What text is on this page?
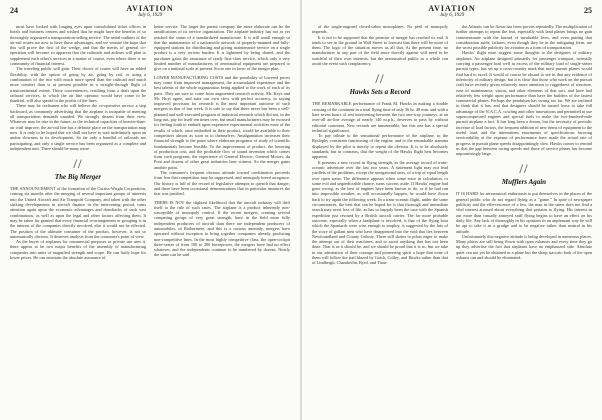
24	AVIATION
July 6, 1929

most have looked with longing eyes upon consolidated ticket offices in hotels and business centers and wished that he might have the benefits of so thoroughly organized a transportation-selling service. The aerial outlines of the air-rail routes are now to have those advantages, and we venture the hope that this will prove the first of the wedge, and that the merits of general co-operation will become so apparent that the railroads and airlines will plan to supplement each other's services in a matter of course, even where there is no community of financial interest.

The traveling public will gain. Their choice of routes will have an added flexibility, with the option of going by air, going by rail, or using a combination of the two with much more speed than the railroad and much more comfort than is at present possible in a straight-through flight of transcontinental extent. Those conveniences, resulting from a draft upon the railroad services, to which the air line operator would have come to be thankful, will also spread to the profits of the lines.

There may be craftsmen who will believe the co-operative service a step backward, as commonly advertising that the airplane is incapable of meeting all transportation demands unaided. We strongly dissent from their view. Whatever may be true in the future, as the technical capacities of heavier-than-air craft improve, the air-rail line has a definite place on the transportation map now. It is only to be hoped that we shall not have to wait indefinitely upon an undue slowness in its development. So far only a handful of railroads are participating, and only a single service has been organized as a complete and independent unit. There should be many more.

//
The Big Merger

THE ANNOUNCEMENT of the formation of the Curtiss-Wright Corporation, coming six months after the merging of several important groups of interests into the United Aircraft and Air Transport Company, and taken with the other striking developments in aircraft finance in the intervening period, turns attention again upon the economic advantages and drawbacks of such vast combinations, as well as upon the legal and other factors affecting them. It may be taken for granted that every financial re-arrangement or grouping is in the interest of the companies directly involved, else it would not be effected. The position of the ultimate consumer of the product, however, is not so automatically obvious. It deserves analysis from the consumer's point of view.

As the buyer of airplanes for commercial purposes or private use sees it, there appear to be two major benefits of the assembly of manufacturing companies into units of magnified strength and scope. He can fairly hope for lower prices. He can entertain the absolute assurance of

better service. The larger the parent company the more elaborate can be the ramifications of its service organization. The airplane industry has not as yet reached the status of a standardized manufacture. It is still small enough so that the maintenance of a nationwide network of properly-manned and fully-equipped stations for distributing and giving maintenance service on a single product is a very serious burden. It is lightened by being shared, and the purchaser gains the assurance of ready first-class service, which only a very limited number of manufacturers of aeronautical equipment are prepared to give on a national scale at present. Score one in favor of the merger plan.

LOWER MANUFACTURING COSTS and the possibility of lowered prices may come from improved management, the accumulated experience and the best talents of the whole organization being applied to the work of each of its parts. They are sure to come from augmented research activity. Mr. Keys and Mr. Hoyt agree, and state our own view with perfect accuracy, in saying improved provision for research is the most important outcome of such mergers as that of last week. It is safe to say that there never has been a well-planned and well-executed program of industrial research which did not, in the long run, pay for itself ten times over, but small manufacturers may be excused for feeling loath to embark upon expensive experimental activities most of the results of which, once embodied in their product, would be available to their competitors almost as soon as to themselves. Amalgamation increases their financial strength to the point where elaborate programs of study of scientific fundamentals become feasible. To the improvement of product, the lowering of production cost, and the profitable flow of sound invention which comes from such programs, the experience of General Electric, General Motors, du Pont and dozens of other great industries bear witness. So the merger gains another point.

The consumer's frequent obvious attitude toward combination proceeds from fear that competition may be suppressed, and monopoly breed arrogance. Our history is full of the record of legislative attempts to quench that danger; and there have been occasional demonstrations that in particular instances the fear was justified.

THERE IS NOT the slightest likelihood that the aircraft industry will drift itself to the rule of such cases. The airplane is a product inherently non-susceptible of monopoly control. If the recent mergers, creating several competing groups of very great strength, have in the field more fully independent producers of aircraft than there are independent producers of automobiles, of Rothermere, and this is a curious anomaly, mergers have operated without exception to bring together companies already producing non-competitive lines. In the most highly competitive class, the open-cockpit three-seater of from 100 to 200 horsepower, the mergers have had no effect whatever, and the independents continue to be numbered by dozens. Nearly the same can be said

25
AVIATION
July 6, 1929

of the single-engined closed-cabin monoplanes. No peril of monopoly impends.

It is not to be supposed that the promise of merger has reached its end. It tends to see in the ground in Wall Street to forecast that there will be more of them. The logic of the situation moves us all that. At the present time, no manufacturer in any part of the field more directly against will need to be watchful of their own interests, but the aeronautical public as a whole can await the event with complacency.

//
Hawks Sets a Record

THE REMARKABLE performance of Frank M. Hawks in making a double crossing of the continent in a total flying time of only 36 hr. 48 min. and with a bare seven hours of rest intervening between the two one-way journeys, at an over-all air-line average of nearly 140 m.p.h., deserves to pass by without editorial comment. New records are innumerable, but this one has a special technical significance.

To pay tribute to the sensational performance of the airplane, to the Ryslophy consistent functioning of the engine, and to the remarkable stamina displayed by the pilot is merely to repeat the obvious. It is to be absolutely standards, but in contrasts, that the weight of the Hawks flight best becomes apparent.

It presents a new record in flying strength, as the average record of trans-oceanic adventure over the last two years. A statement light may not lead yardlets of the problems, except the navigational ones, of a trip of equal length over open water. The difference appears when some error in calculation, or some evil and unpredictable chance, turns success aside. If Hawks' engine had gone wrong, as the best of engines have been known to do, or if he had run into impossible weather, as will occasionally happen, he would have flown back to try again the following week. In a trans-oceanic flight, under the same circumstances, the best that can be hoped for is that thorough and immediate search may avert loss of life, as has so happily been the case with the Spanish expedition just rescued by a British aircraft carrier. The far more probable outcome, especially when a landplane is involved, is that of the flying boat which the Spaniards were wise enough to employ, is suggested by the fate of the score of gallant men who have disappeared into the void that lies between Newfoundland and County Galway. There still skeins to pilots eager to make the attempt out of their machines, and to await anything that has not been done. That is as it should be, and we should be proud that it is so, but we take in our admiration of their courage and pioneering spirit a hope that none of them will follow the trail blazed by Gatch, Colley, and Hawks rather than that of Lindbergh, Chamberlin, Byrd, and Thaw.

the Atlantic can be flown has been proven repeatedly. The multiplication of further attempts to repeat the feat, especially with land planes brings no gain commensurate with the hazard of invaluable lives, and even putting that consideration aside, failures, even though they be in the mitigating form, are the worst possible publicity for aviation as a form of transportation.

Hawks' flight must suggest some thoughts to the designers of military airplanes. An airplane designed primarily for passenger transport, normally carrying a passenger load well in excess of the military load of single-seater pursuit types, has set up a cross-country mark that most pursuit planes would find hard to excel. It would of course be absurd to see in that any evidence of inferiority of military design, but it is clear that those who work on the pursuit craft have recently given relatively more attention to ruggedness of structure, ease of maintenance, vision, and other elements of that sort, and have had relatively less weight upon performance than have the builders of the fastest commercial planes. Perhaps the pendulum has swung too far. We are inclined to think that it has, and that designers should be turned loose to take full advantage of the N.A.C.A. cowling and other innovations and permitted to use supercompressed engines and special fuels to make the two-hundred-mile pursuit airplane a fact. It has long been a dream, but the necessity of periodic increase of load factors, the frequent addition of new items of equipment to the useful load, and the intermittent enactments of specifications favoring serviceability at the expense of performance have made the actual rate of progress in pursuit plane speeds disappointingly slow. Hawks comes to remind us that the gap between racing speeds and those of service planes has become unpromisingly large.

//
Mufflers Again

IT IS HARD for aeronautical enthusiasts to put themselves in the places of the general public who do not regard flying as a "game." In spite of newspaper publicity and the effervescence of a few, the man in the street does not find a vital interest aroused about everything that pertains to flying. His interest in our more than casually annoyed sniff flying begins to have an effect on his daily life. Any lack of thoroughly in his opinions in an unpleasant way he will be apt to take it as a grudge and to be negative rather than neutral in his attitude.

Unfortunately this negative attitude is being developed in numerous places. Many places are still being flown with open exhausts and every time they go up they advertise the fact that airplanes have no emphasized side. Absolute quiet can not yet be obtained in a plane but the sharp staccato bark of the open exhaust can and should be eliminated.
